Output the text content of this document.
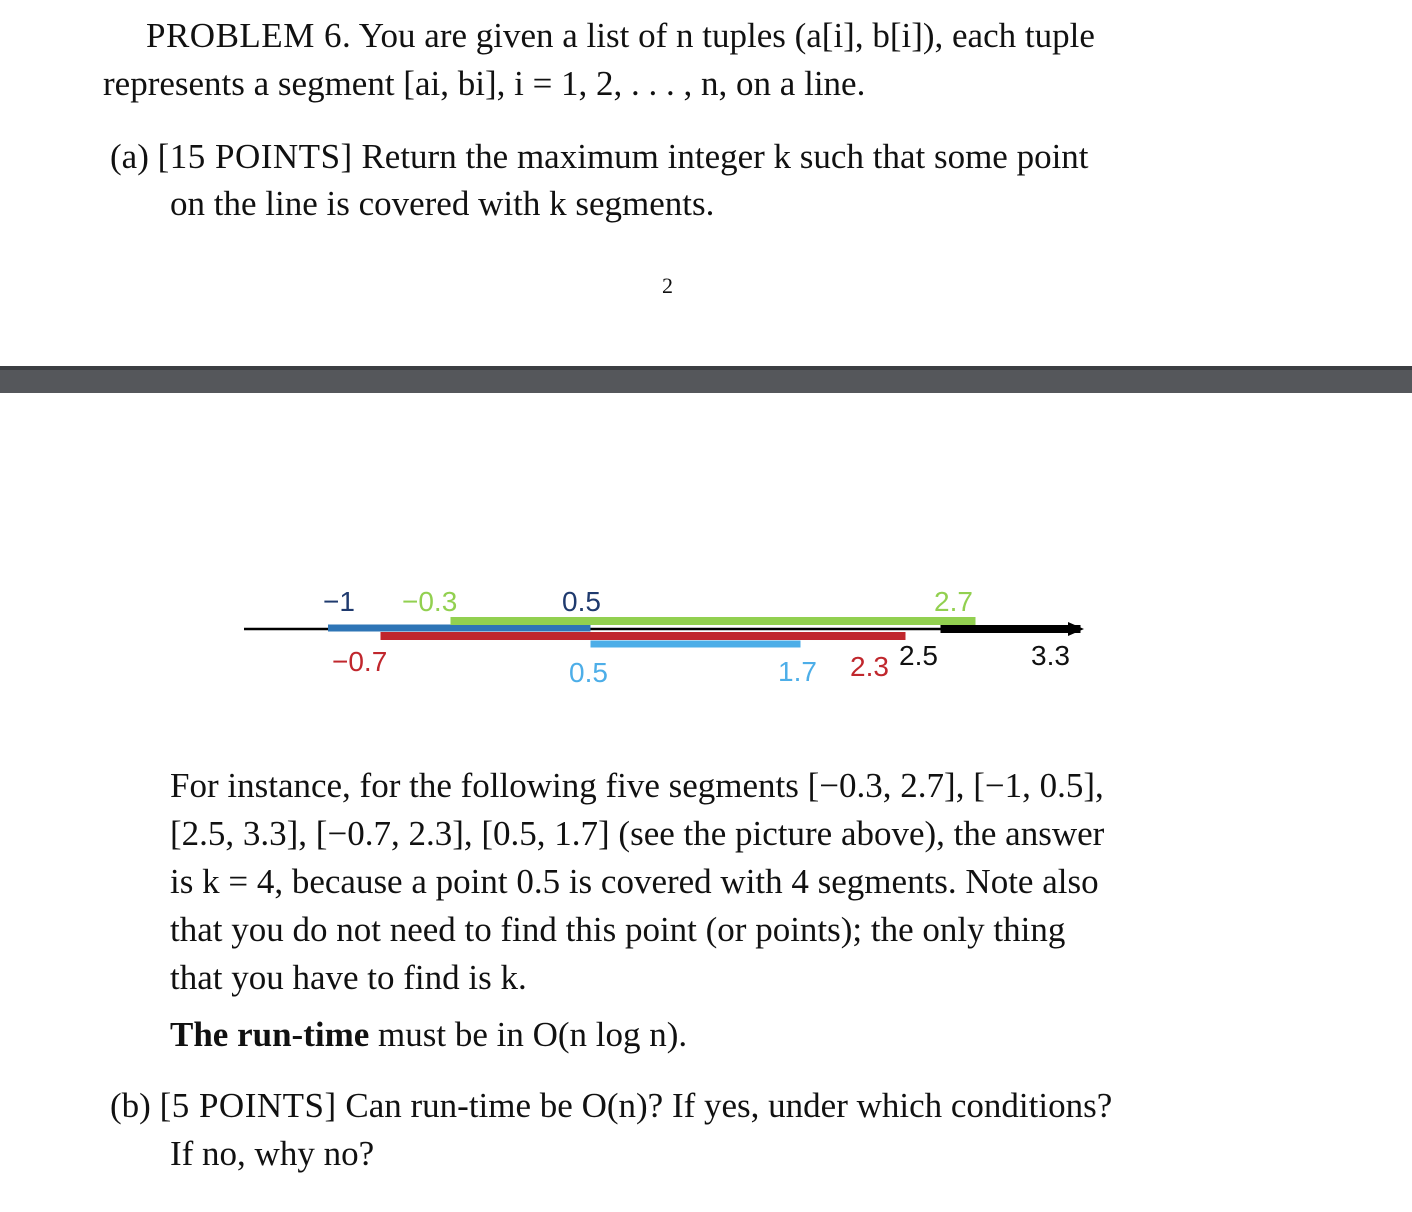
PROBLEM 6. You are given a list of n tuples (a[i], b[i]), each tuple
represents a segment [ai, bi], i = 1, 2, . . . , n, on a line.
(a) [15 POINTS] Return the maximum integer k such that some point
on the line is covered with k segments.
2
−1 −0.3	0.5	2.7
−0.7	0.5	1.7 2.3 2.5	3.3
For instance, for the following five segments [−0.3, 2.7], [−1, 0.5],
[2.5, 3.3], [−0.7, 2.3], [0.5, 1.7] (see the picture above), the answer
is k = 4, because a point 0.5 is covered with 4 segments. Note also
that you do not need to find this point (or points); the only thing
that you have to find is k.
The run-time must be in O(n log n).
(b) [5 POINTS] Can run-time be O(n)? If yes, under which conditions?
If no, why no?
